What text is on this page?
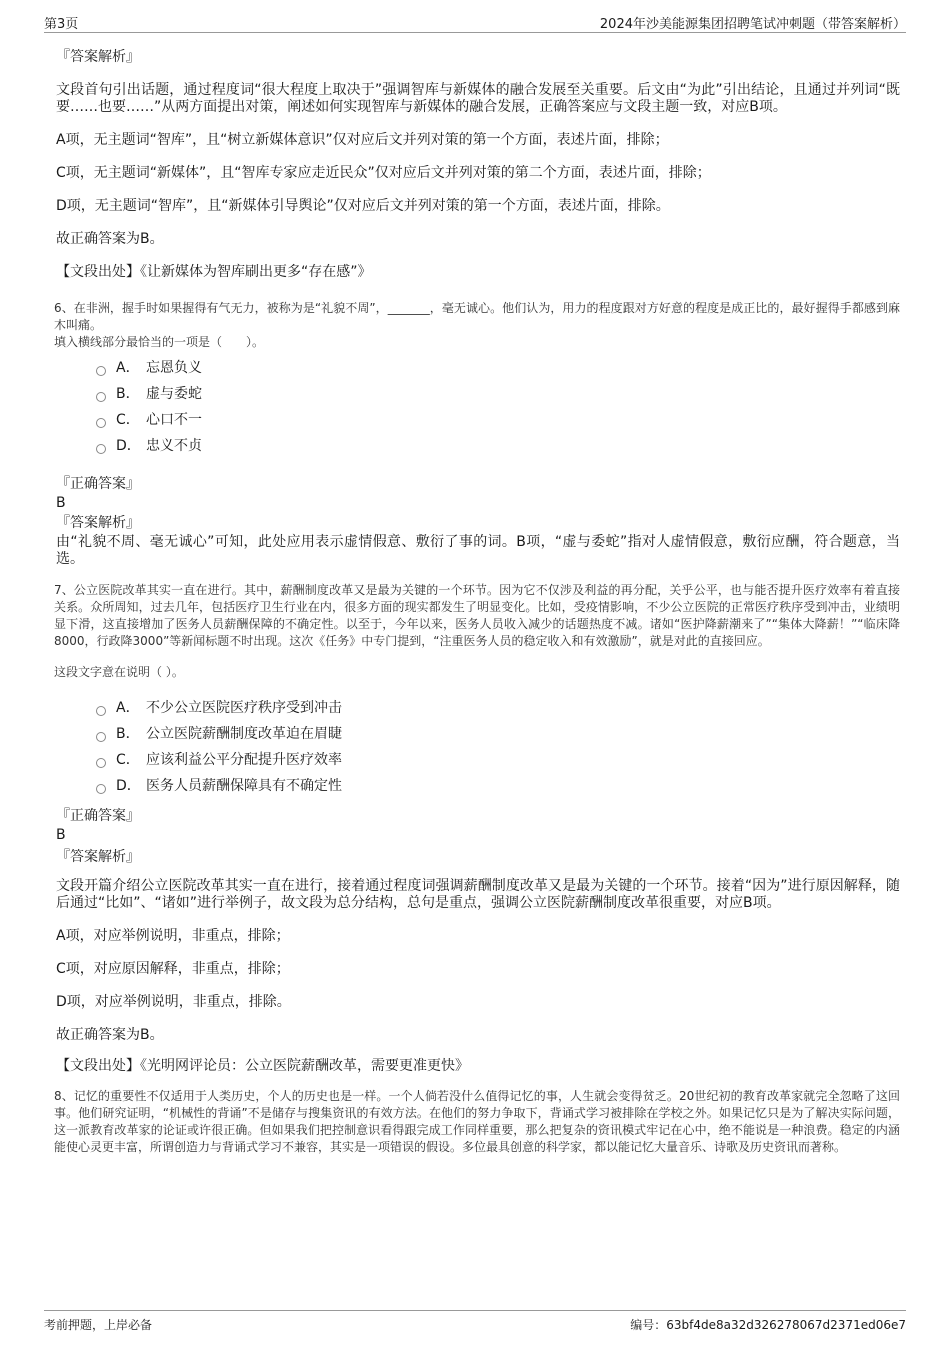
第3页	2024年沙美能源集团招聘笔试冲刺题（带答案解析）

『答案解析』

文段首句引出话题，通过程度词“很大程度上取决于”强调智库与新媒体的融合发展至关重要。后文由“为此”引出结论，且通过并列词“既要……也要……”从两方面提出对策，阐述如何实现智库与新媒体的融合发展，正确答案应与文段主题一致，对应B项。

A项，无主题词“智库”，且“树立新媒体意识”仅对应后文并列对策的第一个方面，表述片面，排除；

C项，无主题词“新媒体”，且“智库专家应走近民众”仅对应后文并列对策的第二个方面，表述片面，排除；

D项，无主题词“智库”，且“新媒体引导舆论”仅对应后文并列对策的第一个方面，表述片面，排除。

故正确答案为B。

【文段出处】《让新媒体为智库刷出更多“存在感”》

6、在非洲，握手时如果握得有气无力，被称为是“礼貌不周”，_______，毫无诚心。他们认为，用力的程度跟对方好意的程度是成正比的，最好握得手都感到麻木叫痛。

填入横线部分最恰当的一项是（　　）。

A． 忘恩负义
B． 虚与委蛇
C． 心口不一
D． 忠义不贞

『正确答案』

B

『答案解析』

由“礼貌不周、毫无诚心”可知，此处应用表示虚情假意、敷衍了事的词。B项，“虚与委蛇”指对人虚情假意，敷衍应酬，符合题意，当选。

7、公立医院改革其实一直在进行。其中，薪酬制度改革又是最为关键的一个环节。因为它不仅涉及利益的再分配，关乎公平，也与能否提升医疗效率有着直接关系。众所周知，过去几年，包括医疗卫生行业在内，很多方面的现实都发生了明显变化。比如，受疫情影响，不少公立医院的正常医疗秩序受到冲击，业绩明显下滑，这直接增加了医务人员薪酬保障的不确定性。以至于，今年以来，医务人员收入减少的话题热度不减。诸如“医护降薪潮来了”“集体大降薪！”“临床降8000，行政降3000”等新闻标题不时出现。这次《任务》中专门提到，“注重医务人员的稳定收入和有效激励”，就是对此的直接回应。

这段文字意在说明（ ）。

A． 不少公立医院医疗秩序受到冲击
B． 公立医院薪酬制度改革迫在眉睫
C． 应该利益公平分配提升医疗效率
D． 医务人员薪酬保障具有不确定性

『正确答案』

B

『答案解析』

文段开篇介绍公立医院改革其实一直在进行，接着通过程度词强调薪酬制度改革又是最为关键的一个环节。接着“因为”进行原因解释，随后通过“比如”、“诸如”进行举例子，故文段为总分结构，总句是重点，强调公立医院薪酬制度改革很重要，对应B项。

A项，对应举例说明，非重点，排除；

C项，对应原因解释，非重点，排除；

D项，对应举例说明，非重点，排除。

故正确答案为B。

【文段出处】《光明网评论员：公立医院薪酬改革，需要更准更快》

8、记忆的重要性不仅适用于人类历史，个人的历史也是一样。一个人倘若没什么值得记忆的事，人生就会变得贫乏。20世纪初的教育改革家就完全忽略了这回事。他们研究证明，“机械性的背诵”不是储存与搜集资讯的有效方法。在他们的努力争取下，背诵式学习被排除在学校之外。如果记忆只是为了解决实际问题，这一派教育改革家的论证或许很正确。但如果我们把控制意识看得跟完成工作同样重要，那么把复杂的资讯模式牢记在心中，绝不能说是一种浪费。稳定的内涵能使心灵更丰富，所谓创造力与背诵式学习不兼容，其实是一项错误的假设。多位最具创意的科学家，都以能记忆大量音乐、诗歌及历史资讯而著称。

考前押题，上岸必备	编号：63bf4de8a32d326278067d2371ed06e7
